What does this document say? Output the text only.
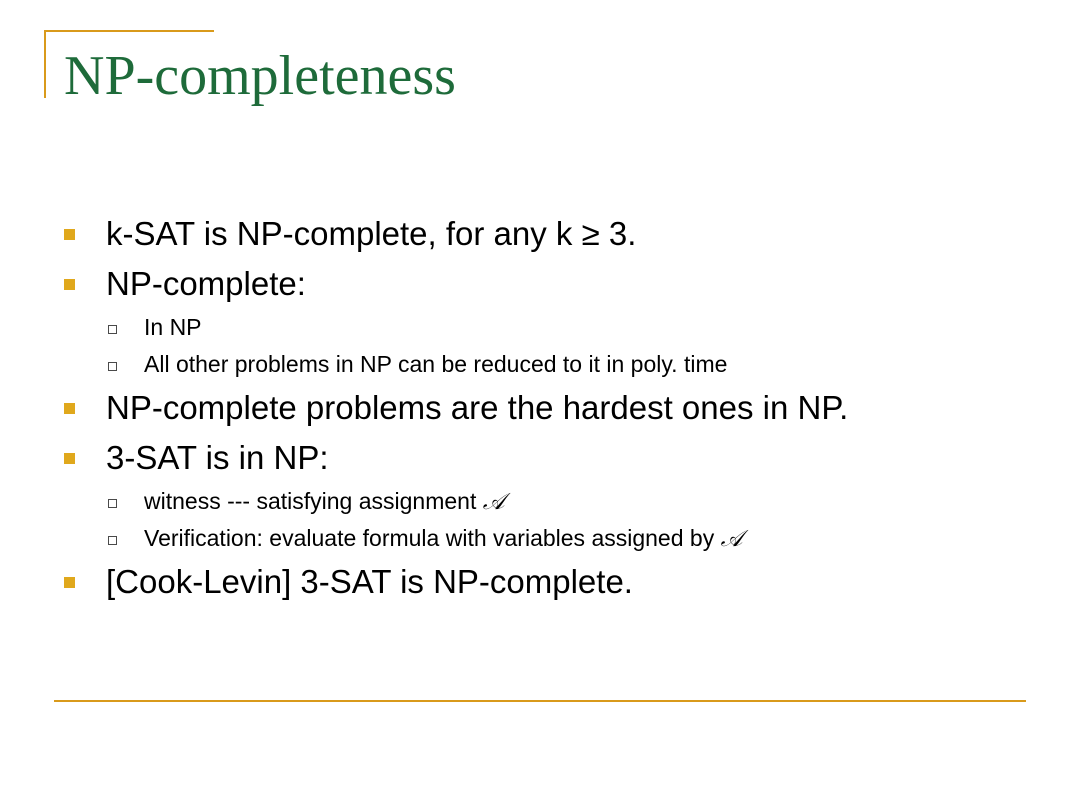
NP-completeness
k-SAT is NP-complete, for any k ≥ 3.
NP-complete:
In NP
All other problems in NP can be reduced to it in poly. time
NP-complete problems are the hardest ones in NP.
3-SAT is in NP:
witness --- satisfying assignment 𝒜
Verification: evaluate formula with variables assigned by 𝒜
[Cook-Levin] 3-SAT is NP-complete.
